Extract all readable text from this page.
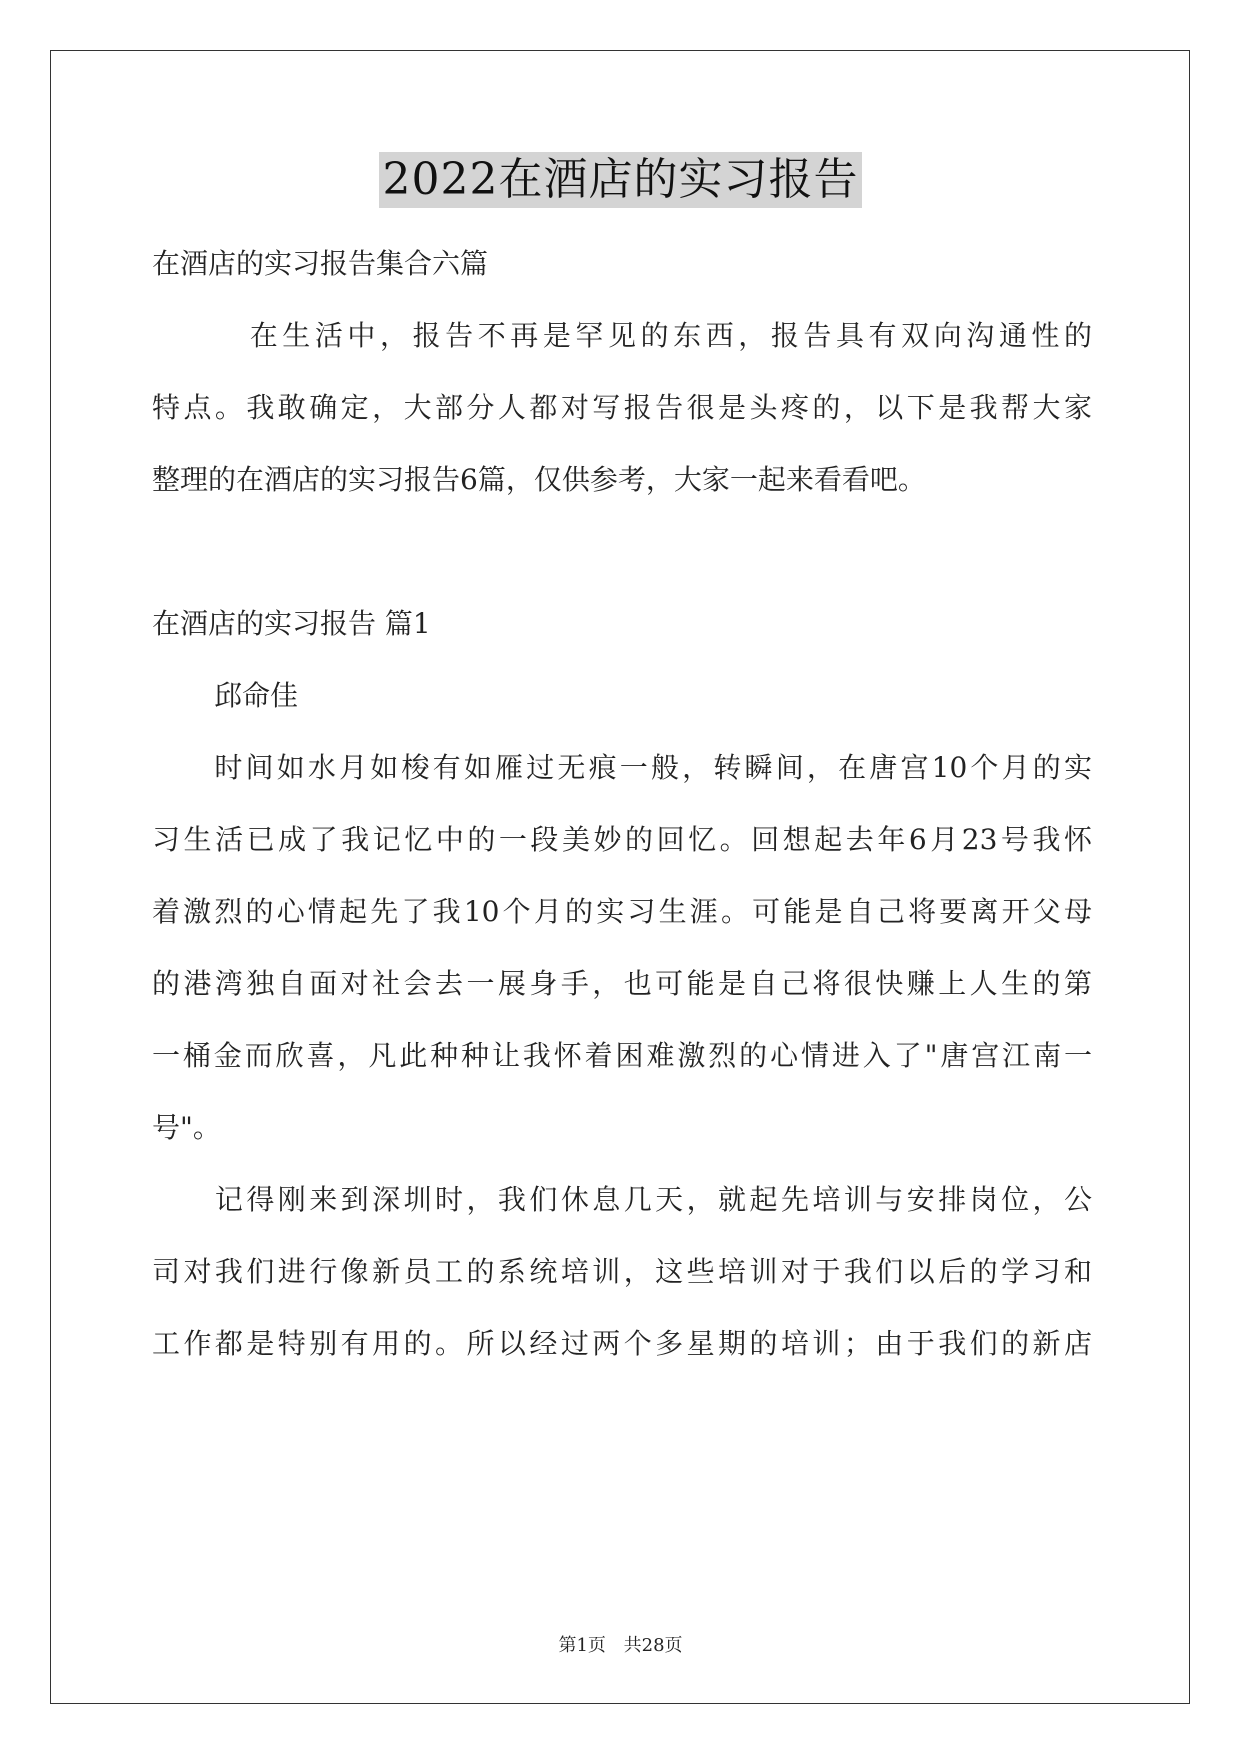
2022在酒店的实习报告
在酒店的实习报告集合六篇
　　　在生活中，报告不再是罕见的东西，报告具有双向沟通性的
特点。我敢确定，大部分人都对写报告很是头疼的，以下是我帮大家
整理的在酒店的实习报告6篇，仅供参考，大家一起来看看吧。
在酒店的实习报告 篇1
邱命佳
　　时间如水月如梭有如雁过无痕一般，转瞬间，在唐宫10个月的实
习生活已成了我记忆中的一段美妙的回忆。回想起去年6月23号我怀
着激烈的心情起先了我10个月的实习生涯。可能是自己将要离开父母
的港湾独自面对社会去一展身手，也可能是自己将很快赚上人生的第
一桶金而欣喜，凡此种种让我怀着困难激烈的心情进入了"唐宫江南一
号"。
　　记得刚来到深圳时，我们休息几天，就起先培训与安排岗位，公
司对我们进行像新员工的系统培训，这些培训对于我们以后的学习和
工作都是特别有用的。所以经过两个多星期的培训；由于我们的新店
第1页 共28页
